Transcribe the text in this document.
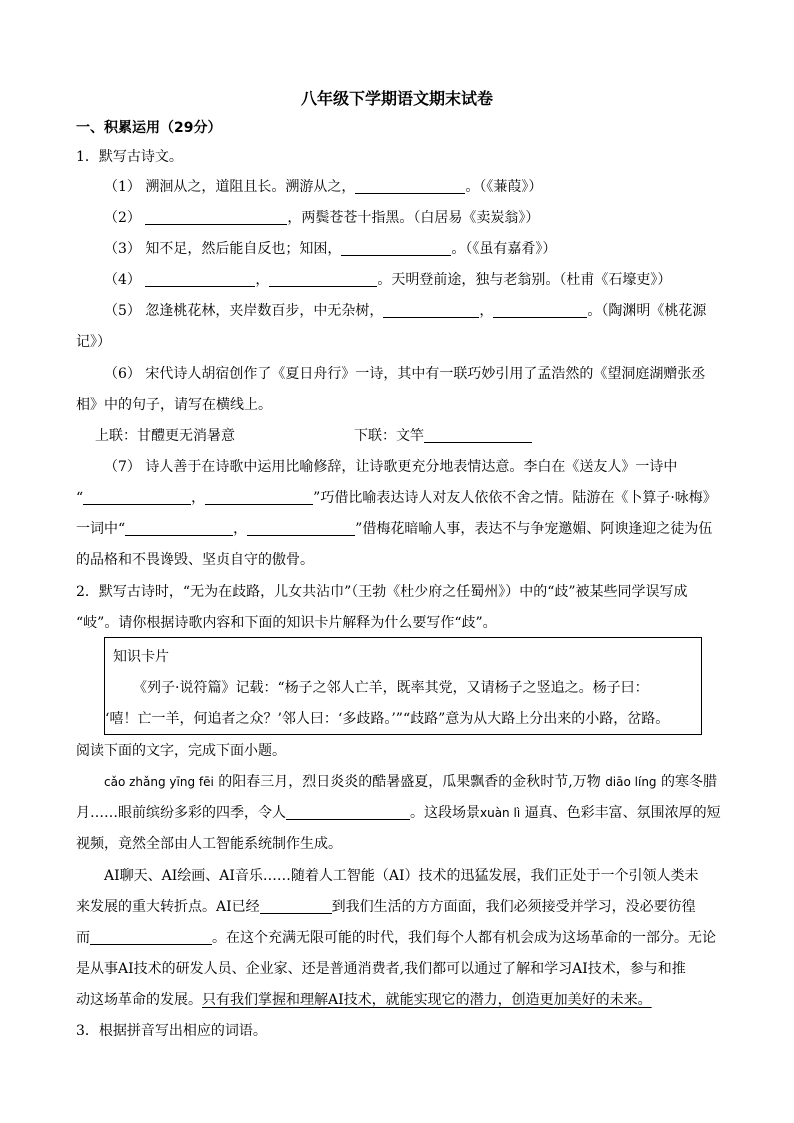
八年级下学期语文期末试卷
一、积累运用（29分）
1．默写古诗文。
（1） 溯洄从之，道阻且长。溯游从之，	。（《蒹葭》）
（2）	，两鬓苍苍十指黑。（白居易《卖炭翁》）
（3） 知不足，然后能自反也；知困，	。（《虽有嘉肴》）
（4）	，	。天明登前途，独与老翁别。（杜甫《石壕吏》）
（5） 忽逢桃花林，夹岸数百步，中无杂树，	，	。（陶渊明《桃花源
记》）
（6） 宋代诗人胡宿创作了《夏日舟行》一诗，其中有一联巧妙引用了孟浩然的《望洞庭湖赠张丞
相》中的句子，请写在横线上。
上联：甘醴更无消暑意	下联：文竿
（7） 诗人善于在诗歌中运用比喻修辞，让诗歌更充分地表情达意。李白在《送友人》一诗中
“	，	”巧借比喻表达诗人对友人依依不舍之情。陆游在《卜算子·咏梅》
一词中“	，	”借梅花暗喻人事，表达不与争宠邀媚、阿谀逢迎之徒为伍
的品格和不畏谗毁、坚贞自守的傲骨。
2．默写古诗时，“无为在歧路，儿女共沾巾”（王勃《杜少府之任蜀州》）中的“歧”被某些同学误写成
“岐”。请你根据诗歌内容和下面的知识卡片解释为什么要写作“歧”。
知识卡片
《列子·说符篇》记载：“杨子之邻人亡羊，既率其党，又请杨子之竖追之。杨子曰：
‘嘻！亡一羊，何追者之众？’邻人曰：‘多歧路。’”“歧路”意为从大路上分出来的小路，岔路。
阅读下面的文字，完成下面小题。
cǎo zhǎng yīng fēi 的阳春三月，烈日炎炎的酷暑盛夏，瓜果飘香的金秋时节,万物 diāo líng 的寒冬腊
月……眼前缤纷多彩的四季，令人	。这段场景xuàn lì 逼真、色彩丰富、氛围浓厚的短
视频，竟然全部由人工智能系统制作生成。
AI聊天、AI绘画、AI音乐……随着人工智能（AI）技术的迅猛发展，我们正处于一个引领人类未
来发展的重大转折点。AI已经	到我们生活的方方面面，我们必须接受并学习，没必要彷徨
而	。在这个充满无限可能的时代，我们每个人都有机会成为这场革命的一部分。无论
是从事AI技术的研发人员、企业家、还是普通消费者,我们都可以通过了解和学习AI技术，参与和推
动这场革命的发展。只有我们掌握和理解AI技术，就能实现它的潜力，创造更加美好的未来。
3．根据拼音写出相应的词语。
